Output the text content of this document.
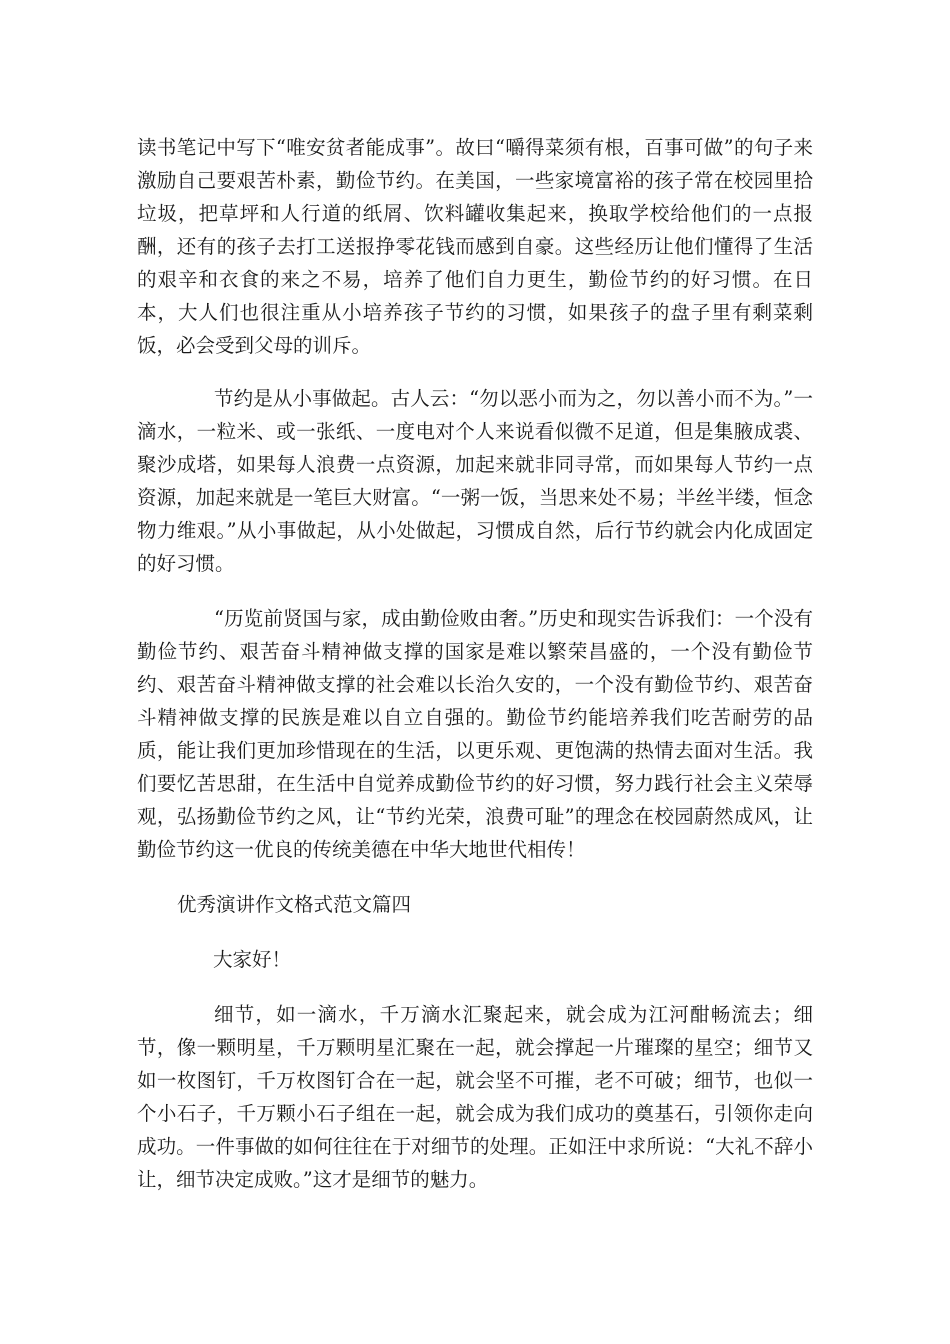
读书笔记中写下“唯安贫者能成事”。故曰“嚼得菜须有根，百事可做”的句子来激励自己要艰苦朴素，勤俭节约。在美国，一些家境富裕的孩子常在校园里拾垃圾，把草坪和人行道的纸屑、饮料罐收集起来，换取学校给他们的一点报酬，还有的孩子去打工送报挣零花钱而感到自豪。这些经历让他们懂得了生活的艰辛和衣食的来之不易，培养了他们自力更生，勤俭节约的好习惯。在日本，大人们也很注重从小培养孩子节约的习惯，如果孩子的盘子里有剩菜剩饭，必会受到父母的训斥。

节约是从小事做起。古人云：“勿以恶小而为之，勿以善小而不为。”一滴水，一粒米、或一张纸、一度电对个人来说看似微不足道，但是集腋成裘、聚沙成塔，如果每人浪费一点资源，加起来就非同寻常，而如果每人节约一点资源，加起来就是一笔巨大财富。“一粥一饭，当思来处不易；半丝半缕，恒念物力维艰。”从小事做起，从小处做起，习惯成自然，后行节约就会内化成固定的好习惯。

“历览前贤国与家，成由勤俭败由奢。”历史和现实告诉我们：一个没有勤俭节约、艰苦奋斗精神做支撑的国家是难以繁荣昌盛的，一个没有勤俭节约、艰苦奋斗精神做支撑的社会难以长治久安的，一个没有勤俭节约、艰苦奋斗精神做支撑的民族是难以自立自强的。勤俭节约能培养我们吃苦耐劳的品质，能让我们更加珍惜现在的生活，以更乐观、更饱满的热情去面对生活。我们要忆苦思甜，在生活中自觉养成勤俭节约的好习惯，努力践行社会主义荣辱观，弘扬勤俭节约之风，让“节约光荣，浪费可耻”的理念在校园蔚然成风，让勤俭节约这一优良的传统美德在中华大地世代相传！

优秀演讲作文格式范文篇四

大家好！

细节，如一滴水，千万滴水汇聚起来，就会成为江河酣畅流去；细节，像一颗明星，千万颗明星汇聚在一起，就会撑起一片璀璨的星空；细节又如一枚图钉，千万枚图钉合在一起，就会坚不可摧，老不可破；细节，也似一个小石子，千万颗小石子组在一起，就会成为我们成功的奠基石，引领你走向成功。一件事做的如何往往在于对细节的处理。正如汪中求所说：“大礼不辞小让，细节决定成败。”这才是细节的魅力。
